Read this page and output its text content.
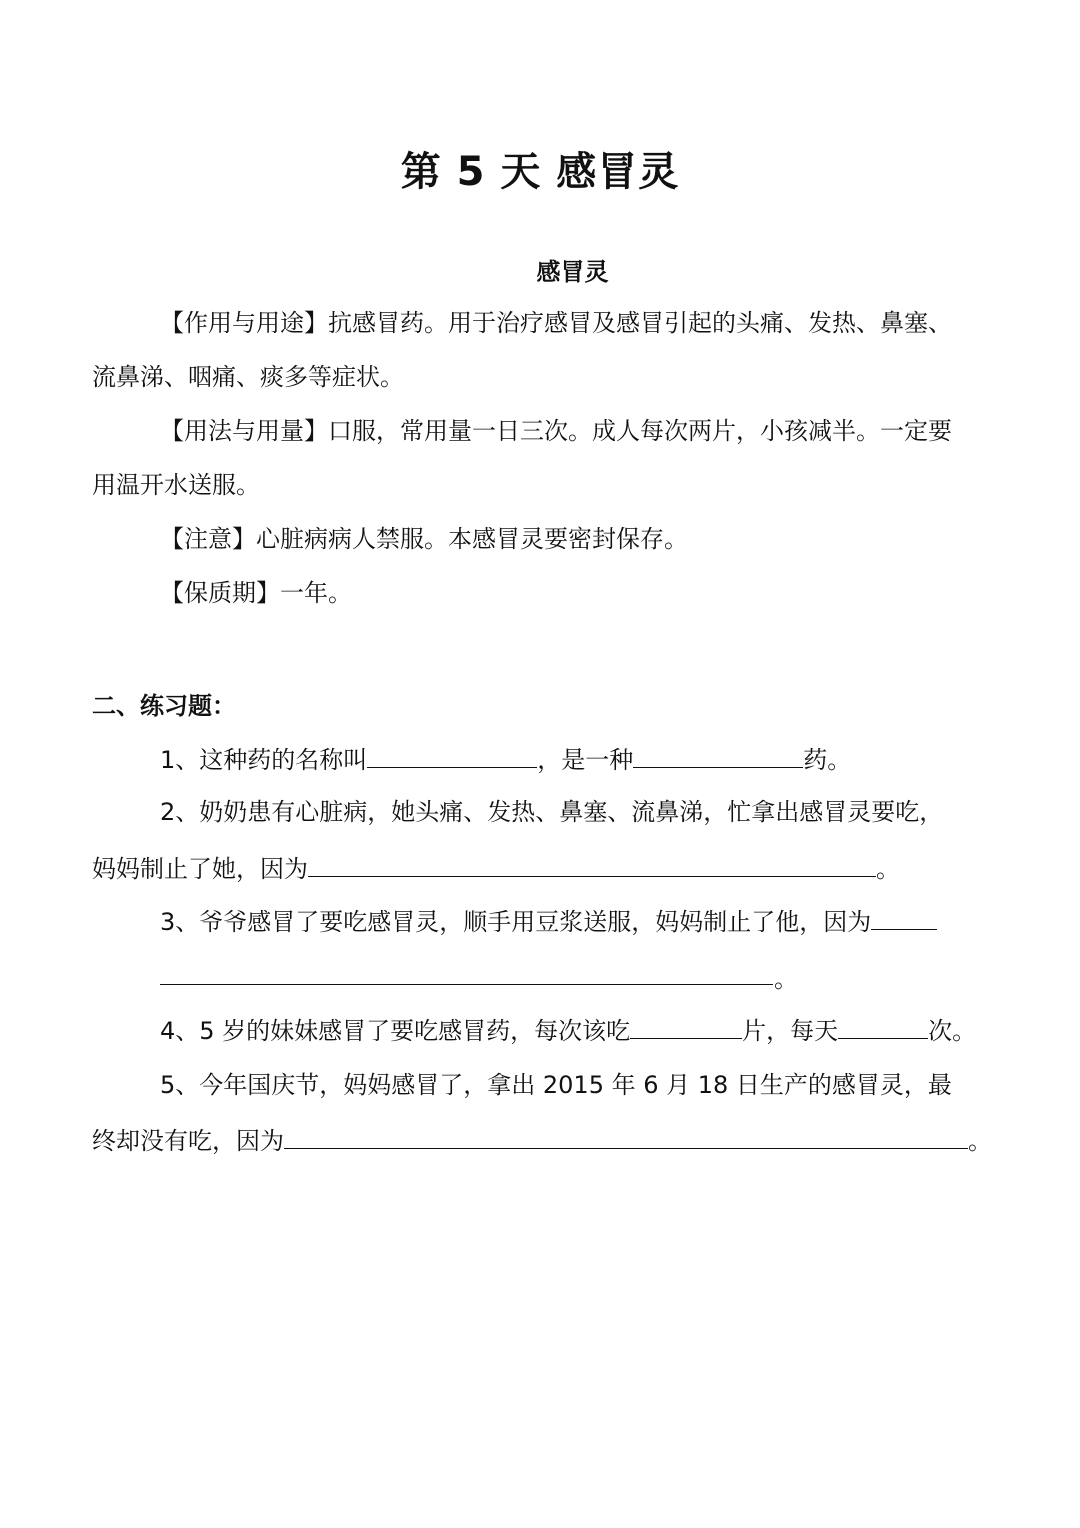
第 5 天 感冒灵
感冒灵
【作用与用途】抗感冒药。用于治疗感冒及感冒引起的头痛、发热、鼻塞、
流鼻涕、咽痛、痰多等症状。
【用法与用量】口服，常用量一日三次。成人每次两片，小孩减半。一定要
用温开水送服。
【注意】心脏病病人禁服。本感冒灵要密封保存。
【保质期】一年。
二、练习题：
1、这种药的名称叫	，是一种	药。
2、奶奶患有心脏病，她头痛、发热、鼻塞、流鼻涕，忙拿出感冒灵要吃，
妈妈制止了她，因为	。
3、爷爷感冒了要吃感冒灵，顺手用豆浆送服，妈妈制止了他，因为
。
4、5 岁的妹妹感冒了要吃感冒药，每次该吃	片，每天	次。
5、今年国庆节，妈妈感冒了，拿出 2015 年 6 月 18 日生产的感冒灵，最
终却没有吃，因为	。
